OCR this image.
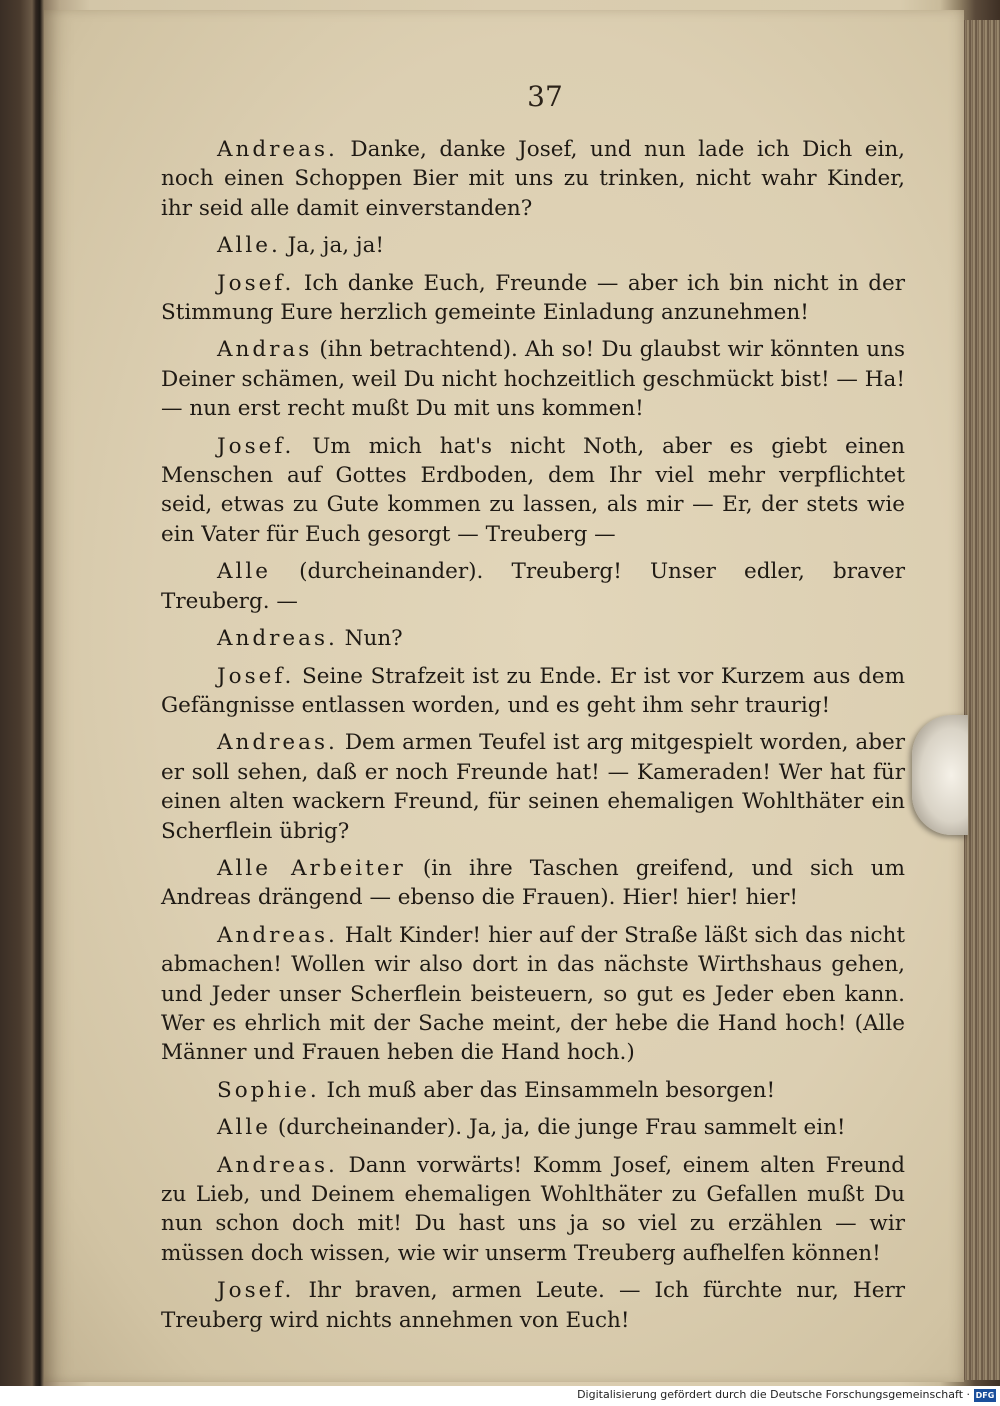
37

Andreas. Danke, danke Josef, und nun lade ich Dich ein, noch einen Schoppen Bier mit uns zu trinken, nicht wahr Kinder, ihr seid alle damit einverstanden?

Alle. Ja, ja, ja!

Josef. Ich danke Euch, Freunde — aber ich bin nicht in der Stimmung Eure herzlich gemeinte Einladung anzunehmen!

Andras (ihn betrachtend). Ah so! Du glaubst wir könnten uns Deiner schämen, weil Du nicht hochzeitlich geschmückt bist! — Ha! — nun erst recht mußt Du mit uns kommen!

Josef. Um mich hat's nicht Noth, aber es giebt einen Menschen auf Gottes Erdboden, dem Ihr viel mehr verpflichtet seid, etwas zu Gute kommen zu lassen, als mir — Er, der stets wie ein Vater für Euch gesorgt — Treuberg —

Alle (durcheinander). Treuberg! Unser edler, braver Treuberg. —

Andreas. Nun?

Josef. Seine Strafzeit ist zu Ende. Er ist vor Kurzem aus dem Gefängnisse entlassen worden, und es geht ihm sehr traurig!

Andreas. Dem armen Teufel ist arg mitgespielt worden, aber er soll sehen, daß er noch Freunde hat! — Kameraden! Wer hat für einen alten wackern Freund, für seinen ehemaligen Wohlthäter ein Scherflein übrig?

Alle Arbeiter (in ihre Taschen greifend, und sich um Andreas drängend — ebenso die Frauen). Hier! hier! hier!

Andreas. Halt Kinder! hier auf der Straße läßt sich das nicht abmachen! Wollen wir also dort in das nächste Wirthshaus gehen, und Jeder unser Scherflein beisteuern, so gut es Jeder eben kann. Wer es ehrlich mit der Sache meint, der hebe die Hand hoch! (Alle Männer und Frauen heben die Hand hoch.)

Sophie. Ich muß aber das Einsammeln besorgen!

Alle (durcheinander). Ja, ja, die junge Frau sammelt ein!

Andreas. Dann vorwärts! Komm Josef, einem alten Freund zu Lieb, und Deinem ehemaligen Wohlthäter zu Gefallen mußt Du nun schon doch mit! Du hast uns ja so viel zu erzählen — wir müssen doch wissen, wie wir unserm Treuberg aufhelfen können!

Josef. Ihr braven, armen Leute. — Ich fürchte nur, Herr Treuberg wird nichts annehmen von Euch!

Digitalisierung gefördert durch die Deutsche Forschungsgemeinschaft · DFG
